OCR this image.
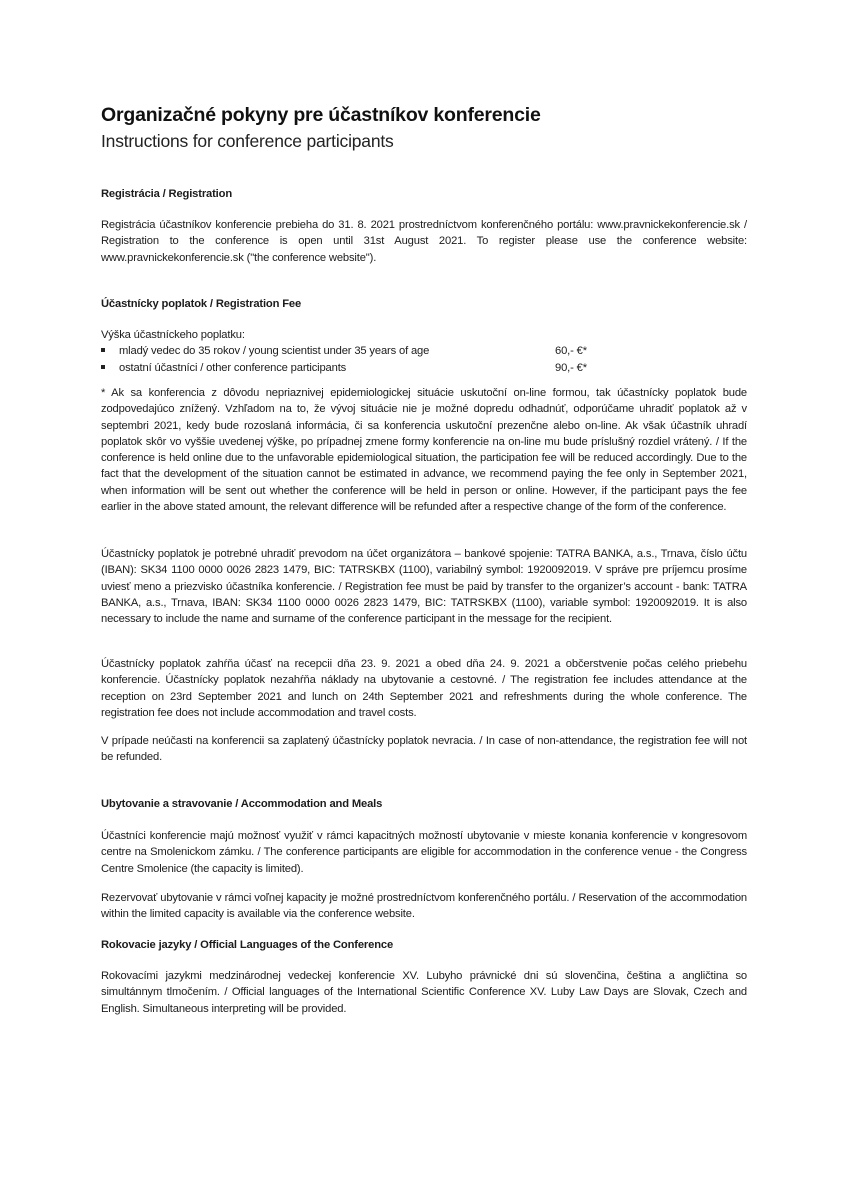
Organizačné pokyny pre účastníkov konferencie
Instructions for conference participants
Registrácia / Registration
Registrácia účastníkov konferencie prebieha do 31. 8. 2021 prostredníctvom konferenčného portálu: www.pravnickekonferencie.sk / Registration to the conference is open until 31st August 2021. To register please use the conference website: www.pravnickekonferencie.sk ("the conference website").
Účastnícky poplatok / Registration Fee
Výška účastníckeho poplatku:
mladý vedec do 35 rokov / young scientist under 35 years of age	60,- €*
ostatní účastníci / other conference participants	90,- €*
* Ak sa konferencia z dôvodu nepriaznivej epidemiologickej situácie uskutoční on-line formou, tak účastnícky poplatok bude zodpovedajúco znížený. Vzhľadom na to, že vývoj situácie nie je možné dopredu odhadnúť, odporúčame uhradiť poplatok až v septembri 2021, kedy bude rozoslaná informácia, či sa konferencia uskutoční prezenčne alebo on-line. Ak však účastník uhradí poplatok skôr vo vyššie uvedenej výške, po prípadnej zmene formy konferencie na on-line mu bude príslušný rozdiel vrátený. / If the conference is held online due to the unfavorable epidemiological situation, the participation fee will be reduced accordingly. Due to the fact that the development of the situation cannot be estimated in advance, we recommend paying the fee only in September 2021, when information will be sent out whether the conference will be held in person or online. However, if the participant pays the fee earlier in the above stated amount, the relevant difference will be refunded after a respective change of the form of the conference.
Účastnícky poplatok je potrebné uhradiť prevodom na účet organizátora – bankové spojenie: TATRA BANKA, a.s., Trnava, číslo účtu (IBAN): SK34 1100 0000 0026 2823 1479, BIC: TATRSKBX (1100), variabilný symbol: 1920092019. V správe pre príjemcu prosíme uviesť meno a priezvisko účastníka konferencie. / Registration fee must be paid by transfer to the organizer’s account - bank: TATRA BANKA, a.s., Trnava, IBAN: SK34 1100 0000 0026 2823 1479, BIC: TATRSKBX (1100), variable symbol: 1920092019. It is also necessary to include the name and surname of the conference participant in the message for the recipient.
Účastnícky poplatok zahŕňa účasť na recepcii dňa 23. 9. 2021 a obed dňa 24. 9. 2021 a občerstvenie počas celého priebehu konferencie. Účastnícky poplatok nezahŕňa náklady na ubytovanie a cestovné. / The registration fee includes attendance at the reception on 23rd September 2021 and lunch on 24th September 2021 and refreshments during the whole conference. The registration fee does not include accommodation and travel costs.
V prípade neúčasti na konferencii sa zaplatený účastnícky poplatok nevracia. / In case of non-attendance, the registration fee will not be refunded.
Ubytovanie a stravovanie / Accommodation and Meals
Účastníci konferencie majú možnosť využiť v rámci kapacitných možností ubytovanie v mieste konania konferencie v kongresovom centre na Smolenickom zámku. / The conference participants are eligible for accommodation in the conference venue - the Congress Centre Smolenice (the capacity is limited).
Rezervovať ubytovanie v rámci voľnej kapacity je možné prostredníctvom konferenčného portálu. / Reservation of the accommodation within the limited capacity is available via the conference website.
Rokovacie jazyky / Official Languages of the Conference
Rokovacími jazykmi medzinárodnej vedeckej konferencie XV. Lubyho právnické dni sú slovenčina, čeština a angličtina so simultánnym tlmočením. / Official languages of the International Scientific Conference XV. Luby Law Days are Slovak, Czech and English. Simultaneous interpreting will be provided.
